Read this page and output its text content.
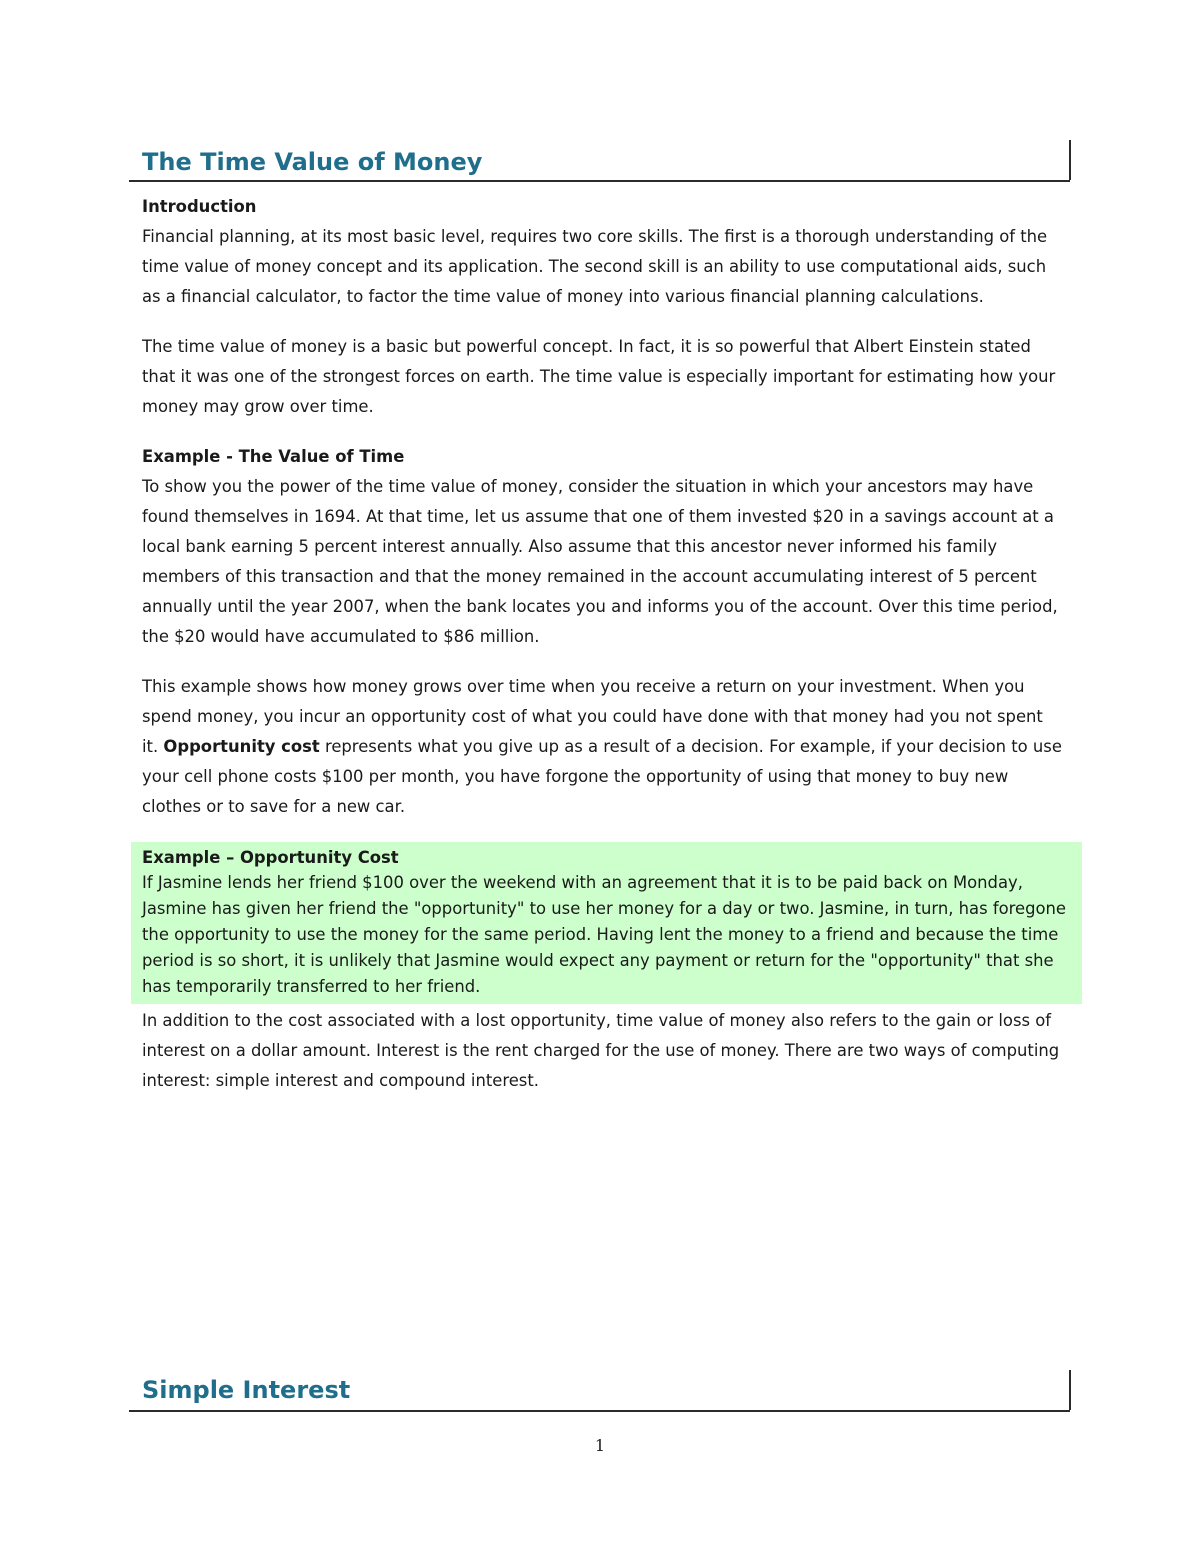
The Time Value of Money
Introduction

Financial planning, at its most basic level, requires two core skills. The first is a thorough understanding of the time value of money concept and its application. The second skill is an ability to use computational aids, such as a financial calculator, to factor the time value of money into various financial planning calculations.

The time value of money is a basic but powerful concept. In fact, it is so powerful that Albert Einstein stated that it was one of the strongest forces on earth. The time value is especially important for estimating how your money may grow over time.

Example - The Value of Time

To show you the power of the time value of money, consider the situation in which your ancestors may have found themselves in 1694. At that time, let us assume that one of them invested $20 in a savings account at a local bank earning 5 percent interest annually. Also assume that this ancestor never informed his family members of this transaction and that the money remained in the account accumulating interest of 5 percent annually until the year 2007, when the bank locates you and informs you of the account. Over this time period, the $20 would have accumulated to $86 million.

This example shows how money grows over time when you receive a return on your investment. When you spend money, you incur an opportunity cost of what you could have done with that money had you not spent it. Opportunity cost represents what you give up as a result of a decision. For example, if your decision to use your cell phone costs $100 per month, you have forgone the opportunity of using that money to buy new clothes or to save for a new car.

Example – Opportunity Cost

If Jasmine lends her friend $100 over the weekend with an agreement that it is to be paid back on Monday, Jasmine has given her friend the "opportunity" to use her money for a day or two. Jasmine, in turn, has foregone the opportunity to use the money for the same period. Having lent the money to a friend and because the time period is so short, it is unlikely that Jasmine would expect any payment or return for the "opportunity" that she has temporarily transferred to her friend.

In addition to the cost associated with a lost opportunity, time value of money also refers to the gain or loss of interest on a dollar amount. Interest is the rent charged for the use of money. There are two ways of computing interest: simple interest and compound interest.

Simple Interest
1
